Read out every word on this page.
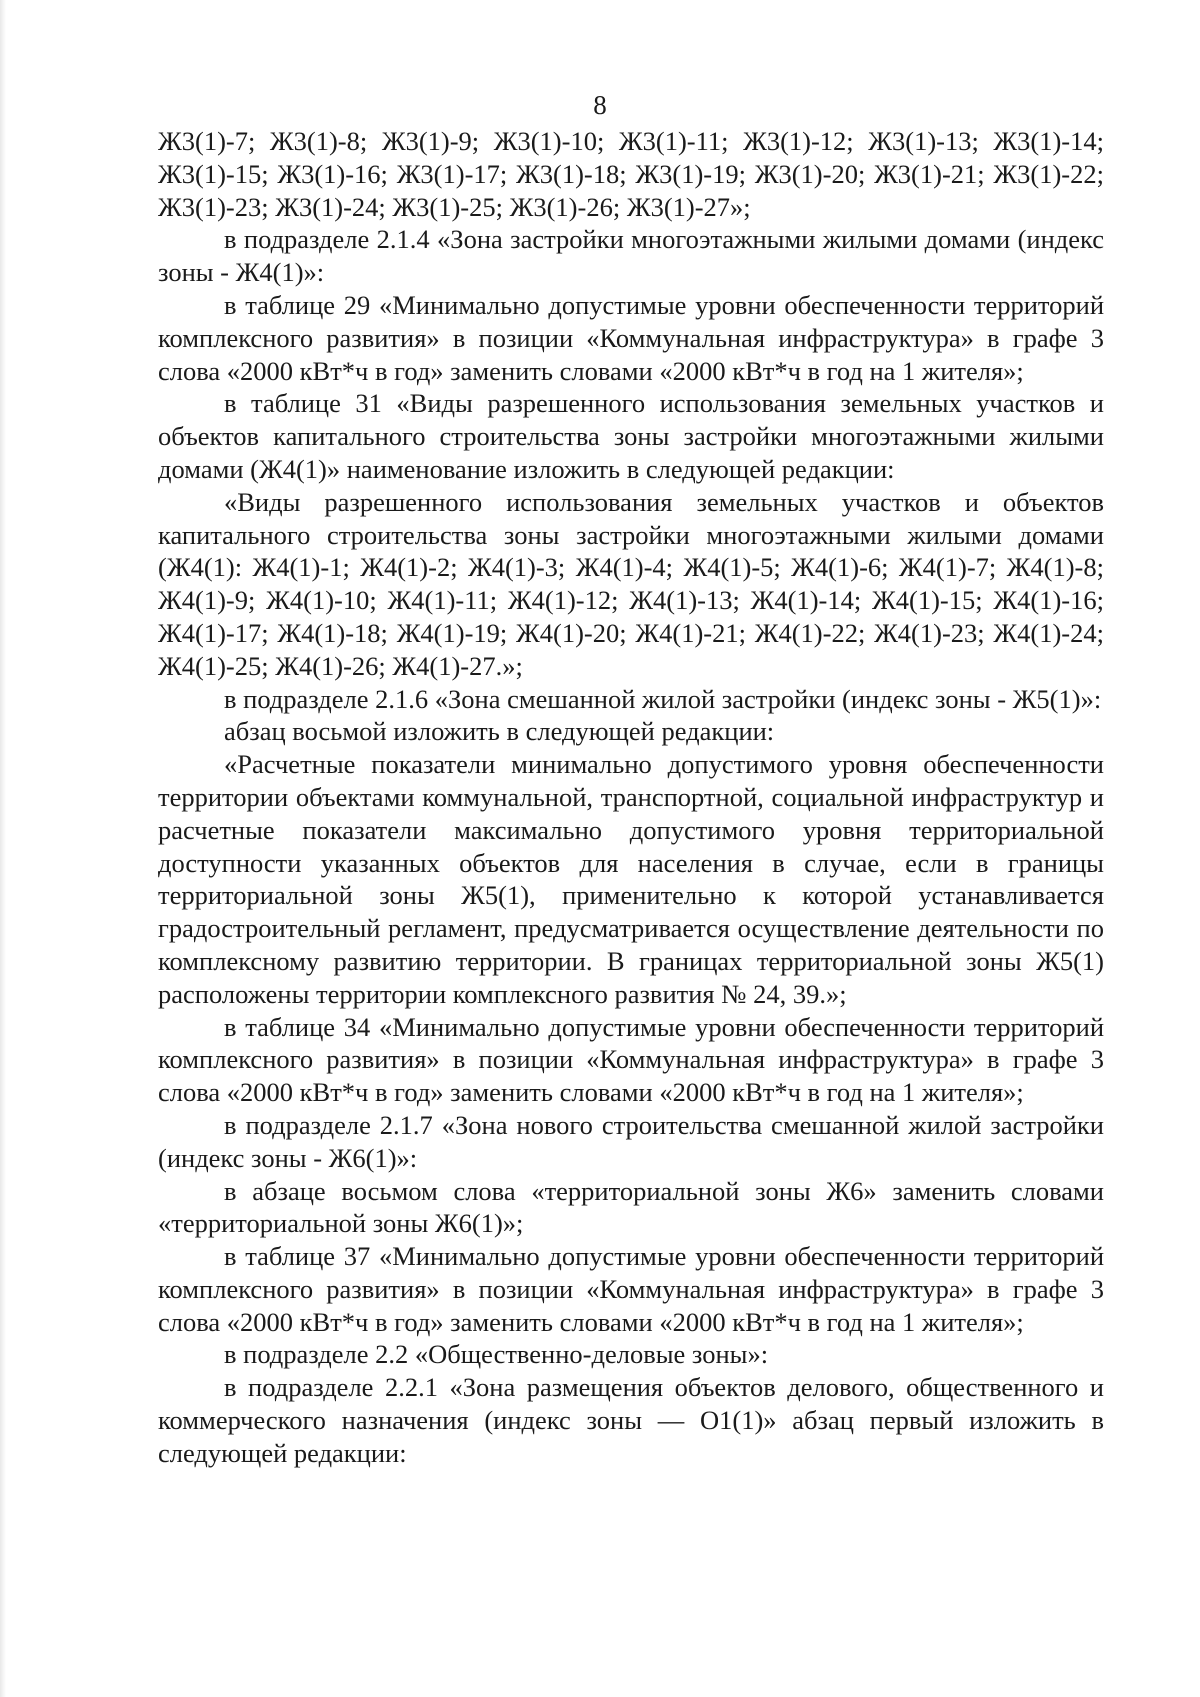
8

Ж3(1)-7; Ж3(1)-8; Ж3(1)-9; Ж3(1)-10; Ж3(1)-11; Ж3(1)-12; Ж3(1)-13; Ж3(1)-14; Ж3(1)-15; Ж3(1)-16; Ж3(1)-17; Ж3(1)-18; Ж3(1)-19; Ж3(1)-20; Ж3(1)-21; Ж3(1)-22; Ж3(1)-23; Ж3(1)-24; Ж3(1)-25; Ж3(1)-26; Ж3(1)-27»;

в подразделе 2.1.4 «Зона застройки многоэтажными жилыми домами (индекс зоны - Ж4(1)»:

в таблице 29 «Минимально допустимые уровни обеспеченности территорий комплексного развития» в позиции «Коммунальная инфраструктура» в графе 3 слова «2000 кВт*ч в год» заменить словами «2000 кВт*ч в год на 1 жителя»;

в таблице 31 «Виды разрешенного использования земельных участков и объектов капитального строительства зоны застройки многоэтажными жилыми домами (Ж4(1)» наименование изложить в следующей редакции:

«Виды разрешенного использования земельных участков и объектов капитального строительства зоны застройки многоэтажными жилыми домами (Ж4(1): Ж4(1)-1; Ж4(1)-2; Ж4(1)-3; Ж4(1)-4; Ж4(1)-5; Ж4(1)-6; Ж4(1)-7; Ж4(1)-8; Ж4(1)-9; Ж4(1)-10; Ж4(1)-11; Ж4(1)-12; Ж4(1)-13; Ж4(1)-14; Ж4(1)-15; Ж4(1)-16; Ж4(1)-17; Ж4(1)-18; Ж4(1)-19; Ж4(1)-20; Ж4(1)-21; Ж4(1)-22; Ж4(1)-23; Ж4(1)-24; Ж4(1)-25; Ж4(1)-26; Ж4(1)-27.»;

в подразделе 2.1.6 «Зона смешанной жилой застройки (индекс зоны - Ж5(1)»:

абзац восьмой изложить в следующей редакции:

«Расчетные показатели минимально допустимого уровня обеспеченности территории объектами коммунальной, транспортной, социальной инфраструктур и расчетные показатели максимально допустимого уровня территориальной доступности указанных объектов для населения в случае, если в границы территориальной зоны Ж5(1), применительно к которой устанавливается градостроительный регламент, предусматривается осуществление деятельности по комплексному развитию территории. В границах территориальной зоны Ж5(1) расположены территории комплексного развития № 24, 39.»;

в таблице 34 «Минимально допустимые уровни обеспеченности территорий комплексного развития» в позиции «Коммунальная инфраструктура» в графе 3 слова «2000 кВт*ч в год» заменить словами «2000 кВт*ч в год на 1 жителя»;

в подразделе 2.1.7 «Зона нового строительства смешанной жилой застройки (индекс зоны - Ж6(1)»:

в абзаце восьмом слова «территориальной зоны Ж6» заменить словами «территориальной зоны Ж6(1)»;

в таблице 37 «Минимально допустимые уровни обеспеченности территорий комплексного развития» в позиции «Коммунальная инфраструктура» в графе 3 слова «2000 кВт*ч в год» заменить словами «2000 кВт*ч в год на 1 жителя»;

в подразделе 2.2 «Общественно-деловые зоны»:

в подразделе 2.2.1 «Зона размещения объектов делового, общественного и коммерческого назначения (индекс зоны — О1(1)» абзац первый изложить в следующей редакции:
